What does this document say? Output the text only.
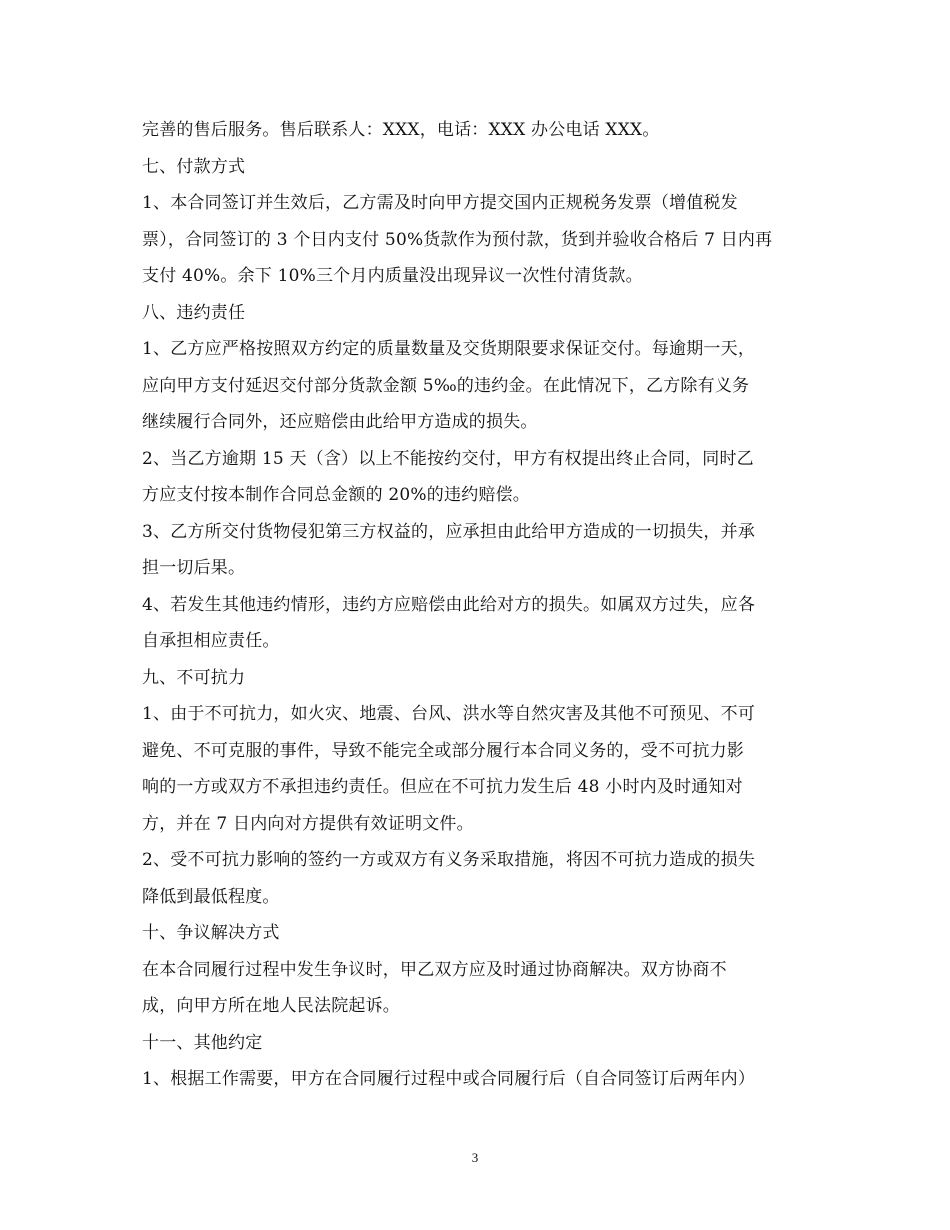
完善的售后服务。售后联系人：XXX，电话：XXX 办公电话 XXX。
七、付款方式
1、本合同签订并生效后，乙方需及时向甲方提交国内正规税务发票（增值税发
票），合同签订的 3 个日内支付 50%货款作为预付款，货到并验收合格后 7 日内再
支付 40%。余下 10%三个月内质量没出现异议一次性付清货款。
八、违约责任
1、乙方应严格按照双方约定的质量数量及交货期限要求保证交付。每逾期一天，
应向甲方支付延迟交付部分货款金额 5‰的违约金。在此情况下，乙方除有义务
继续履行合同外，还应赔偿由此给甲方造成的损失。
2、当乙方逾期 15 天（含）以上不能按约交付，甲方有权提出终止合同，同时乙
方应支付按本制作合同总金额的 20%的违约赔偿。
3、乙方所交付货物侵犯第三方权益的，应承担由此给甲方造成的一切损失，并承
担一切后果。
4、若发生其他违约情形，违约方应赔偿由此给对方的损失。如属双方过失，应各
自承担相应责任。
九、不可抗力
1、由于不可抗力，如火灾、地震、台风、洪水等自然灾害及其他不可预见、不可
避免、不可克服的事件，导致不能完全或部分履行本合同义务的，受不可抗力影
响的一方或双方不承担违约责任。但应在不可抗力发生后 48 小时内及时通知对
方，并在 7 日内向对方提供有效证明文件。
2、受不可抗力影响的签约一方或双方有义务采取措施，将因不可抗力造成的损失
降低到最低程度。
十、争议解决方式
在本合同履行过程中发生争议时，甲乙双方应及时通过协商解决。双方协商不
成，向甲方所在地人民法院起诉。
十一、其他约定
1、根据工作需要，甲方在合同履行过程中或合同履行后（自合同签订后两年内）
3
